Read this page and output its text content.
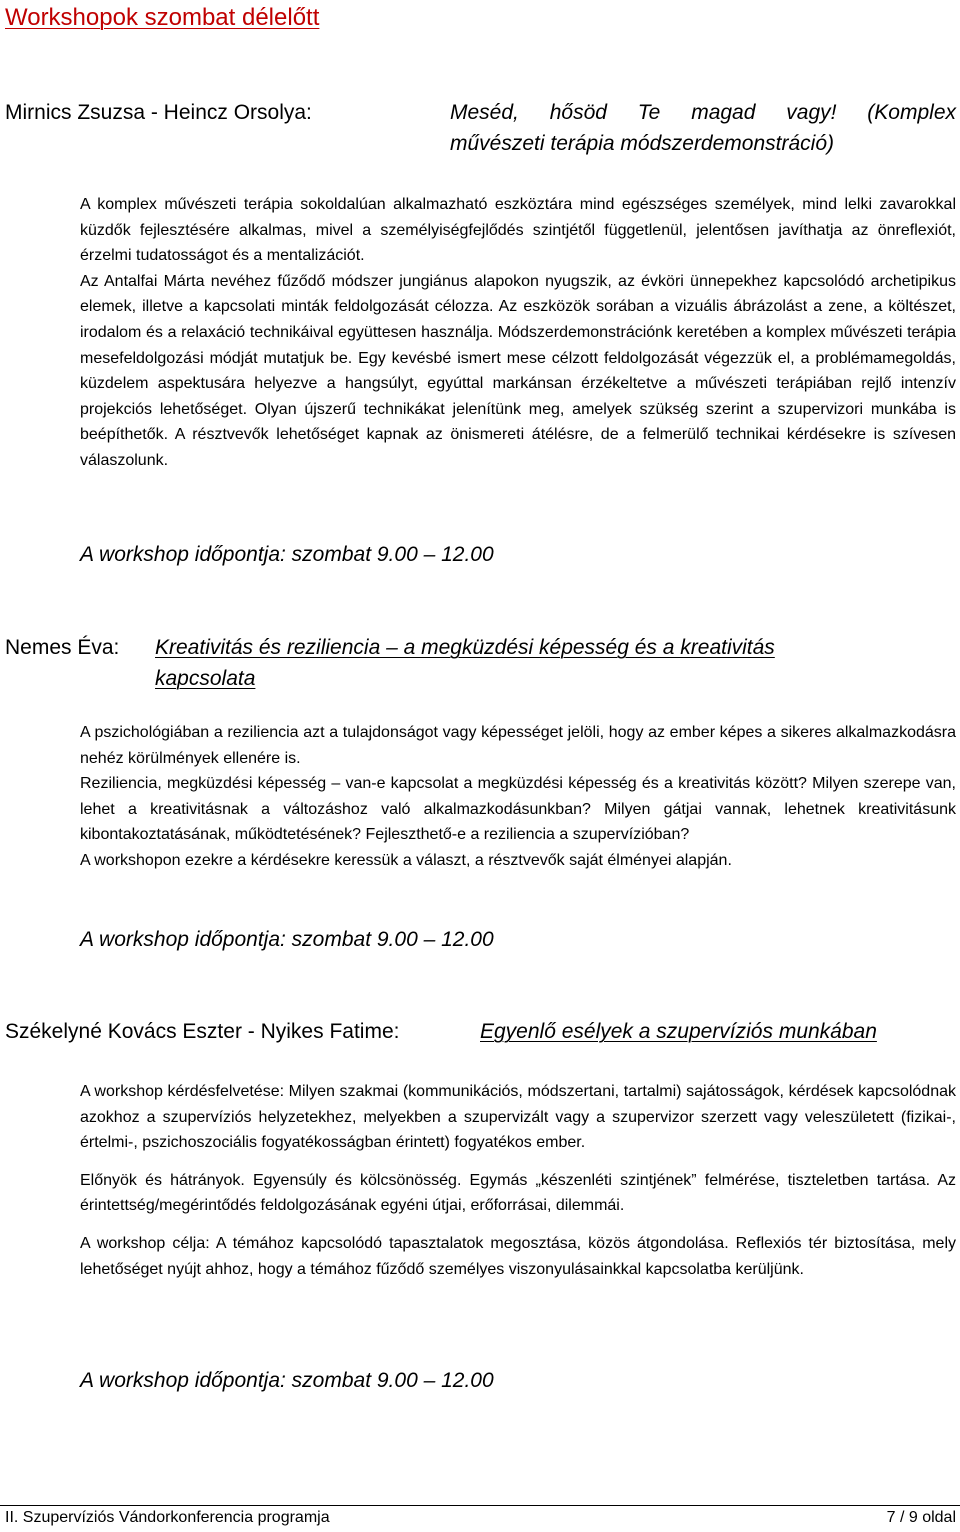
Workshopok szombat délelőtt
Mirnics Zsuzsa - Heincz Orsolya:	Meséd,  hősöd  Te  magad  vagy!  (Komplex
művészeti terápia módszerdemonstráció)

A komplex művészeti terápia sokoldalúan alkalmazható eszköztára mind egészséges személyek, mind lelki zavarokkal küzdők fejlesztésére alkalmas, mivel a személyiségfejlődés szintjétől függetlenül, jelentősen javíthatja az önreflexiót, érzelmi tudatosságot és a mentalizációt.

Az Antalfai Márta nevéhez fűződő módszer jungiánus alapokon nyugszik, az évköri ünnepekhez kapcsolódó archetipikus elemek, illetve a kapcsolati minták feldolgozását célozza. Az eszközök sorában a vizuális ábrázolást a zene, a költészet, irodalom és a relaxáció technikáival együttesen használja. Módszerdemonstrációnk keretében a komplex művészeti terápia mesefeldolgozási módját mutatjuk be. Egy kevésbé ismert mese célzott feldolgozását végezzük el, a problémamegoldás, küzdelem aspektusára helyezve a hangsúlyt, egyúttal markánsan érzékeltetve a művészeti terápiában rejlő intenzív projekciós lehetőséget. Olyan újszerű technikákat jelenítünk meg, amelyek szükség szerint a szupervizori munkába is beépíthetők. A résztvevők lehetőséget kapnak az önismereti átélésre, de a felmerülő technikai kérdésekre is szívesen válaszolunk.

A workshop időpontja: szombat 9.00 – 12.00
Nemes Éva: Kreativitás és reziliencia – a megküzdési képesség és a kreativitás
kapcsolata

A pszichológiában a reziliencia azt a tulajdonságot vagy képességet jelöli, hogy az ember képes a sikeres alkalmazkodásra nehéz körülmények ellenére is.

Reziliencia, megküzdési képesség – van-e kapcsolat a megküzdési képesség és a kreativitás között? Milyen szerepe van, lehet a kreativitásnak a változáshoz való alkalmazkodásunkban? Milyen gátjai vannak, lehetnek kreativitásunk kibontakoztatásának, működtetésének? Fejleszthető-e a reziliencia a szupervízióban?

A workshopon ezekre a kérdésekre keressük a választ, a résztvevők saját élményei alapján.

A workshop időpontja: szombat 9.00 – 12.00
Székelyné Kovács Eszter - Nyikes Fatime:	Egyenlő esélyek a szupervíziós munkában

A workshop kérdésfelvetése: Milyen szakmai (kommunikációs, módszertani, tartalmi) sajátosságok, kérdések kapcsolódnak azokhoz a szupervíziós helyzetekhez, melyekben a szupervizált vagy a szupervizor szerzett vagy veleszületett (fizikai-, értelmi-, pszichoszociális fogyatékosságban érintett) fogyatékos ember.

Előnyök és hátrányok. Egyensúly és kölcsönösség. Egymás „készenléti szintjének” felmérése, tiszteletben tartása. Az érintettség/megérintődés feldolgozásának egyéni útjai, erőforrásai, dilemmái.

A workshop célja: A témához kapcsolódó tapasztalatok megosztása, közös átgondolása. Reflexiós tér biztosítása, mely lehetőséget nyújt ahhoz, hogy a témához fűződő személyes viszonyulásainkkal kapcsolatba kerüljünk.

A workshop időpontja: szombat 9.00 – 12.00
II. Szupervíziós Vándorkonferencia programja	7 / 9 oldal
